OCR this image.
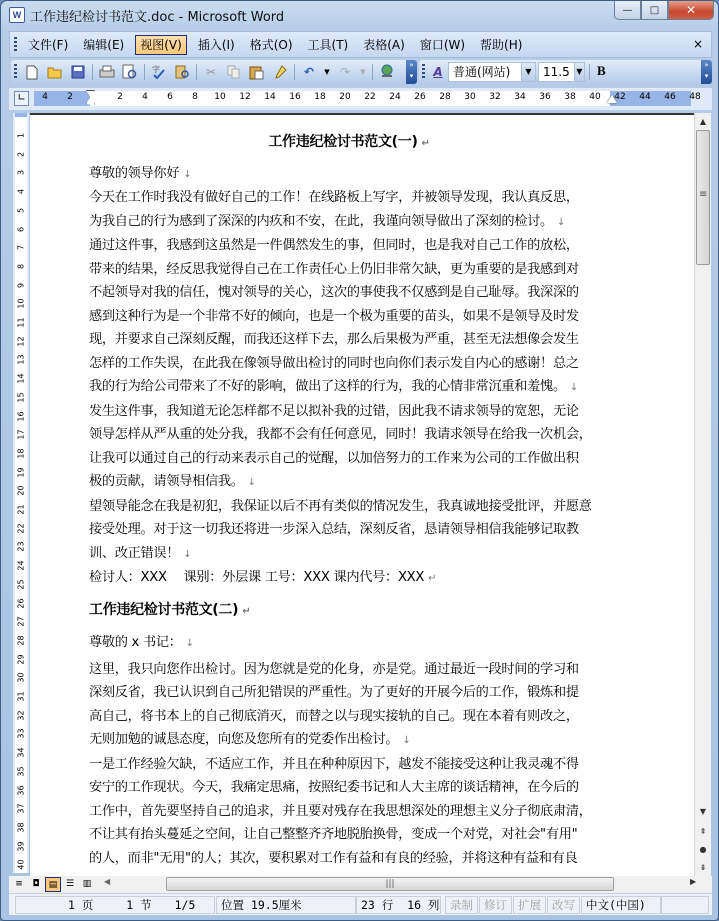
W 工作违纪检讨书范文.doc - Microsoft Word	—	□	✕
文件(F)	编辑(E)	视图(V)	插入(I)	格式(O)	工具(T)	表格(A)	窗口(W)	帮助(H)	×
字	✂	↶	▼ ↷	▼
»
▾	A 普通(网站)	▼ 11.5 ▼ B	»
▾
∟	4 2	2 4 6 8 10 12 14 16 18 20 22 24 26 28 30 32 34 36 38 40 42 44 46 48
1
2
3
4
5
6
7
8
9
10
11
12
13
14
15
16
17
18
19
20
21
22
23
24
25
26
27
28
29
30
31
32
33
34
35
36
37
38
39
40

工作违纪检讨书范文(一) ↵

尊敬的领导你好 ↓

今天在工作时我没有做好自己的工作！在线路板上写字，并被领导发现，我认真反思，

为我自己的行为感到了深深的内疚和不安，在此，我谨向领导做出了深刻的检讨。 ↓

通过这件事，我感到这虽然是一件偶然发生的事，但同时，也是我对自己工作的放松，

带来的结果，经反思我觉得自己在工作责任心上仍旧非常欠缺，更为重要的是我感到对

不起领导对我的信任，愧对领导的关心，这次的事使我不仅感到是自己耻辱。我深深的

感到这种行为是一个非常不好的倾向，也是一个极为重要的苗头，如果不是领导及时发

现，并要求自己深刻反醒，而我还这样下去，那么后果极为严重，甚至无法想像会发生

怎样的工作失误，在此我在像领导做出检讨的同时也向你们表示发自内心的感谢！总之

我的行为给公司带来了不好的影响，做出了这样的行为，我的心情非常沉重和羞愧。 ↓

发生这件事，我知道无论怎样都不足以拟补我的过错，因此我不请求领导的宽恕，无论

领导怎样从严从重的处分我，我都不会有任何意见，同时！我请求领导在给我一次机会，

让我可以通过自己的行动来表示自己的觉醒，以加倍努力的工作来为公司的工作做出积

极的贡献，请领导相信我。 ↓

望领导能念在我是初犯，我保证以后不再有类似的情况发生，我真诚地接受批评，并愿意

接受处理。对于这一切我还将进一步深入总结，深刻反省，恳请领导相信我能够记取教

训、改正错误！ ↓

检讨人：XXX　 课别：外层课 工号：XXX 课内代号：XXX ↵

工作违纪检讨书范文(二) ↵

尊敬的 x 书记： ↓

这里，我只向您作出检讨。因为您就是党的化身，亦是党。通过最近一段时间的学习和

深刻反省，我已认识到自己所犯错误的严重性。为了更好的开展今后的工作，锻炼和提

高自己，将书本上的自己彻底消灭，而替之以与现实接轨的自己。现在本着有则改之，

无则加勉的诚恳态度，向您及您所有的党委作出检讨。 ↓

一是工作经验欠缺，不适应工作，并且在种种原因下，越发不能接受这种让我灵魂不得

安宁的工作现状。今天，我痛定思痛，按照纪委书记和人大主席的谈话精神，在今后的

工作中，首先要坚持自己的追求，并且要对残存在我思想深处的理想主义分子彻底肃清，

不让其有抬头蔓延之空间，让自己整整齐齐地脱胎换骨，变成一个对党，对社会"有用"

的人，而非"无用"的人；其次，要积累对工作有益和有良的经验，并将这种有益和有良

▲
≡
▼
⇞
●
⇟
≡	◘	▤ ☰ ▥	◀	|||	▶
1 页	1 节 1/5	位置 19.5厘米	23 行 16 列 录制 修订 扩展 改写 中文(中国)
